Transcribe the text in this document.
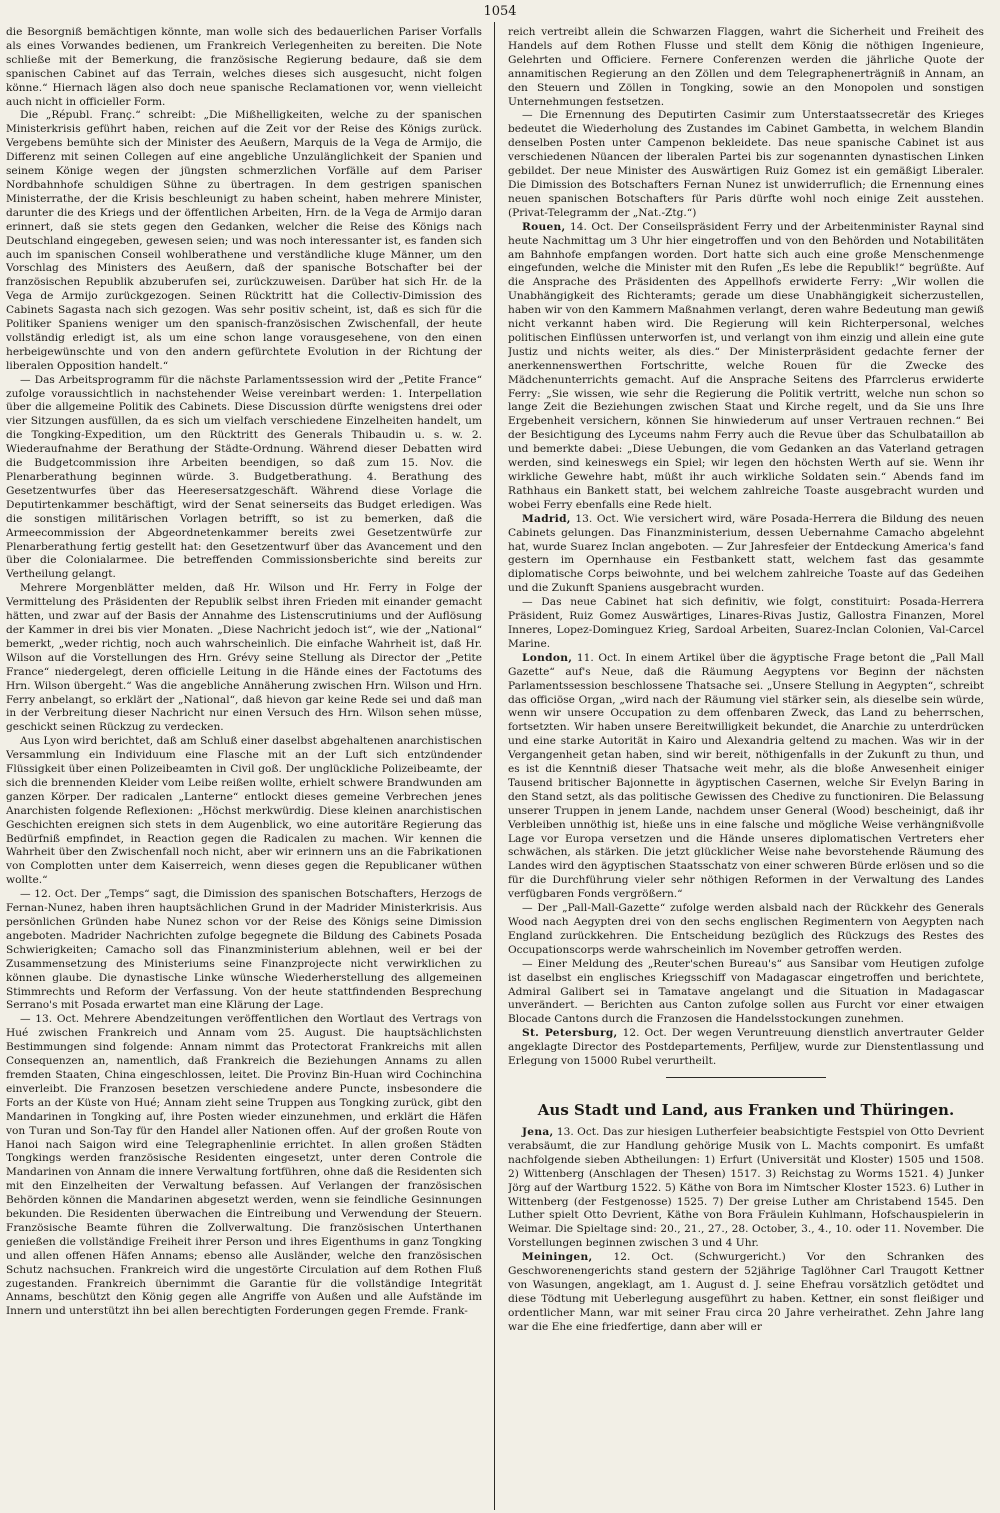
1054

die Besorgniß bemächtigen könnte, man wolle sich des bedauerlichen Pariser Vorfalls als eines Vorwandes bedienen, um Frankreich Verlegenheiten zu bereiten. Die Note schließe mit der Bemerkung, die französische Regierung bedaure, daß sie dem spanischen Cabinet auf das Terrain, welches dieses sich ausgesucht, nicht folgen könne.“ Hiernach lägen also doch neue spanische Reclamationen vor, wenn vielleicht auch nicht in officieller Form.

Die „Républ. Franç.“ schreibt: „Die Mißhelligkeiten, welche zu der spanischen Ministerkrisis geführt haben, reichen auf die Zeit vor der Reise des Königs zurück. Vergebens bemühte sich der Minister des Aeußern, Marquis de la Vega de Armijo, die Differenz mit seinen Collegen auf eine angebliche Unzulänglichkeit der Spanien und seinem Könige wegen der jüngsten schmerzlichen Vorfälle auf dem Pariser Nordbahnhofe schuldigen Sühne zu übertragen. In dem gestrigen spanischen Ministerrathe, der die Krisis beschleunigt zu haben scheint, haben mehrere Minister, darunter die des Kriegs und der öffentlichen Arbeiten, Hrn. de la Vega de Armijo daran erinnert, daß sie stets gegen den Gedanken, welcher die Reise des Königs nach Deutschland eingegeben, gewesen seien; und was noch interessanter ist, es fanden sich auch im spanischen Conseil wohlberathene und verständliche kluge Männer, um den Vorschlag des Ministers des Aeußern, daß der spanische Botschafter bei der französischen Republik abzuberufen sei, zurückzuweisen. Darüber hat sich Hr. de la Vega de Armijo zurückgezogen. Seinen Rücktritt hat die Collectiv-Dimission des Cabinets Sagasta nach sich gezogen. Was sehr positiv scheint, ist, daß es sich für die Politiker Spaniens weniger um den spanisch-französischen Zwischenfall, der heute vollständig erledigt ist, als um eine schon lange vorausgesehene, von den einen herbeigewünschte und von den andern gefürchtete Evolution in der Richtung der liberalen Opposition handelt.“

— Das Arbeitsprogramm für die nächste Parlamentssession wird der „Petite France“ zufolge voraussichtlich in nachstehender Weise vereinbart werden: 1. Interpellation über die allgemeine Politik des Cabinets. Diese Discussion dürfte wenigstens drei oder vier Sitzungen ausfüllen, da es sich um vielfach verschiedene Einzelheiten handelt, um die Tongking-Expedition, um den Rücktritt des Generals Thibaudin u. s. w. 2. Wiederaufnahme der Berathung der Städte-Ordnung. Während dieser Debatten wird die Budgetcommission ihre Arbeiten beendigen, so daß zum 15. Nov. die Plenarberathung beginnen würde. 3. Budgetberathung. 4. Berathung des Gesetzentwurfes über das Heeresersatzgeschäft. Während diese Vorlage die Deputirtenkammer beschäftigt, wird der Senat seinerseits das Budget erledigen. Was die sonstigen militärischen Vorlagen betrifft, so ist zu bemerken, daß die Armeecommission der Abgeordnetenkammer bereits zwei Gesetzentwürfe zur Plenarberathung fertig gestellt hat: den Gesetzentwurf über das Avancement und den über die Colonialarmee. Die betreffenden Commissionsberichte sind bereits zur Vertheilung gelangt.

Mehrere Morgenblätter melden, daß Hr. Wilson und Hr. Ferry in Folge der Vermittelung des Präsidenten der Republik selbst ihren Frieden mit einander gemacht hätten, und zwar auf der Basis der Annahme des Listenscrutiniums und der Auflösung der Kammer in drei bis vier Monaten. „Diese Nachricht jedoch ist“, wie der „National“ bemerkt, „weder richtig, noch auch wahrscheinlich. Die einfache Wahrheit ist, daß Hr. Wilson auf die Vorstellungen des Hrn. Grévy seine Stellung als Director der „Petite France“ niedergelegt, deren officielle Leitung in die Hände eines der Factotums des Hrn. Wilson übergeht.“ Was die angebliche Annäherung zwischen Hrn. Wilson und Hrn. Ferry anbelangt, so erklärt der „National“, daß hievon gar keine Rede sei und daß man in der Verbreitung dieser Nachricht nur einen Versuch des Hrn. Wilson sehen müsse, geschickt seinen Rückzug zu verdecken.

Aus Lyon wird berichtet, daß am Schluß einer daselbst abgehaltenen anarchistischen Versammlung ein Individuum eine Flasche mit an der Luft sich entzündender Flüssigkeit über einen Polizeibeamten in Civil goß. Der unglückliche Polizeibeamte, der sich die brennenden Kleider vom Leibe reißen wollte, erhielt schwere Brandwunden am ganzen Körper. Der radicalen „Lanterne“ entlockt dieses gemeine Verbrechen jenes Anarchisten folgende Reflexionen: „Höchst merkwürdig. Diese kleinen anarchistischen Geschichten ereignen sich stets in dem Augenblick, wo eine autoritäre Regierung das Bedürfniß empfindet, in Reaction gegen die Radicalen zu machen. Wir kennen die Wahrheit über den Zwischenfall noch nicht, aber wir erinnern uns an die Fabrikationen von Complotten unter dem Kaiserreich, wenn dieses gegen die Republicaner wüthen wollte.“

— 12. Oct. Der „Temps“ sagt, die Dimission des spanischen Botschafters, Herzogs de Fernan-Nunez, haben ihren hauptsächlichen Grund in der Madrider Ministerkrisis. Aus persönlichen Gründen habe Nunez schon vor der Reise des Königs seine Dimission angeboten. Madrider Nachrichten zufolge begegnete die Bildung des Cabinets Posada Schwierigkeiten; Camacho soll das Finanzministerium ablehnen, weil er bei der Zusammensetzung des Ministeriums seine Finanzprojecte nicht verwirklichen zu können glaube. Die dynastische Linke wünsche Wiederherstellung des allgemeinen Stimmrechts und Reform der Verfassung. Von der heute stattfindenden Besprechung Serrano's mit Posada erwartet man eine Klärung der Lage.

— 13. Oct. Mehrere Abendzeitungen veröffentlichen den Wortlaut des Vertrags von Hué zwischen Frankreich und Annam vom 25. August. Die hauptsächlichsten Bestimmungen sind folgende: Annam nimmt das Protectorat Frankreichs mit allen Consequenzen an, namentlich, daß Frankreich die Beziehungen Annams zu allen fremden Staaten, China eingeschlossen, leitet. Die Provinz Bin-Huan wird Cochinchina einverleibt. Die Franzosen besetzen verschiedene andere Puncte, insbesondere die Forts an der Küste von Hué; Annam zieht seine Truppen aus Tongking zurück, gibt den Mandarinen in Tongking auf, ihre Posten wieder einzunehmen, und erklärt die Häfen von Turan und Son-Tay für den Handel aller Nationen offen. Auf der großen Route von Hanoi nach Saigon wird eine Telegraphenlinie errichtet. In allen großen Städten Tongkings werden französische Residenten eingesetzt, unter deren Controle die Mandarinen von Annam die innere Verwaltung fortführen, ohne daß die Residenten sich mit den Einzelheiten der Verwaltung befassen. Auf Verlangen der französischen Behörden können die Mandarinen abgesetzt werden, wenn sie feindliche Gesinnungen bekunden. Die Residenten überwachen die Eintreibung und Verwendung der Steuern. Französische Beamte führen die Zollverwaltung. Die französischen Unterthanen genießen die vollständige Freiheit ihrer Person und ihres Eigenthums in ganz Tongking und allen offenen Häfen Annams; ebenso alle Ausländer, welche den französischen Schutz nachsuchen. Frankreich wird die ungestörte Circulation auf dem Rothen Fluß zugestanden. Frankreich übernimmt die Garantie für die vollständige Integrität Annams, beschützt den König gegen alle Angriffe von Außen und alle Aufstände im Innern und unterstützt ihn bei allen berechtigten Forderungen gegen Fremde. Frank-

reich vertreibt allein die Schwarzen Flaggen, wahrt die Sicherheit und Freiheit des Handels auf dem Rothen Flusse und stellt dem König die nöthigen Ingenieure, Gelehrten und Officiere. Fernere Conferenzen werden die jährliche Quote der annamitischen Regierung an den Zöllen und dem Telegraphenerträgniß in Annam, an den Steuern und Zöllen in Tongking, sowie an den Monopolen und sonstigen Unternehmungen festsetzen.

— Die Ernennung des Deputirten Casimir zum Unterstaatssecretär des Krieges bedeutet die Wiederholung des Zustandes im Cabinet Gambetta, in welchem Blandin denselben Posten unter Campenon bekleidete. Das neue spanische Cabinet ist aus verschiedenen Nüancen der liberalen Partei bis zur sogenannten dynastischen Linken gebildet. Der neue Minister des Auswärtigen Ruiz Gomez ist ein gemäßigt Liberaler. Die Dimission des Botschafters Fernan Nunez ist unwiderruflich; die Ernennung eines neuen spanischen Botschafters für Paris dürfte wohl noch einige Zeit ausstehen. (Privat-Telegramm der „Nat.-Ztg.“)

Rouen, 14. Oct. Der Conseilspräsident Ferry und der Arbeitenminister Raynal sind heute Nachmittag um 3 Uhr hier eingetroffen und von den Behörden und Notabilitäten am Bahnhofe empfangen worden. Dort hatte sich auch eine große Menschenmenge eingefunden, welche die Minister mit den Rufen „Es lebe die Republik!“ begrüßte. Auf die Ansprache des Präsidenten des Appellhofs erwiderte Ferry: „Wir wollen die Unabhängigkeit des Richteramts; gerade um diese Unabhängigkeit sicherzustellen, haben wir von den Kammern Maßnahmen verlangt, deren wahre Bedeutung man gewiß nicht verkannt haben wird. Die Regierung will kein Richterpersonal, welches politischen Einflüssen unterworfen ist, und verlangt von ihm einzig und allein eine gute Justiz und nichts weiter, als dies.“ Der Ministerpräsident gedachte ferner der anerkennenswerthen Fortschritte, welche Rouen für die Zwecke des Mädchenunterrichts gemacht. Auf die Ansprache Seitens des Pfarrclerus erwiderte Ferry: „Sie wissen, wie sehr die Regierung die Politik vertritt, welche nun schon so lange Zeit die Beziehungen zwischen Staat und Kirche regelt, und da Sie uns Ihre Ergebenheit versichern, können Sie hinwiederum auf unser Vertrauen rechnen.“ Bei der Besichtigung des Lyceums nahm Ferry auch die Revue über das Schulbataillon ab und bemerkte dabei: „Diese Uebungen, die vom Gedanken an das Vaterland getragen werden, sind keineswegs ein Spiel; wir legen den höchsten Werth auf sie. Wenn ihr wirkliche Gewehre habt, müßt ihr auch wirkliche Soldaten sein.“ Abends fand im Rathhaus ein Bankett statt, bei welchem zahlreiche Toaste ausgebracht wurden und wobei Ferry ebenfalls eine Rede hielt.

Madrid, 13. Oct. Wie versichert wird, wäre Posada-Herrera die Bildung des neuen Cabinets gelungen. Das Finanzministerium, dessen Uebernahme Camacho abgelehnt hat, wurde Suarez Inclan angeboten. — Zur Jahresfeier der Entdeckung America's fand gestern im Opernhause ein Festbankett statt, welchem fast das gesammte diplomatische Corps beiwohnte, und bei welchem zahlreiche Toaste auf das Gedeihen und die Zukunft Spaniens ausgebracht wurden.

— Das neue Cabinet hat sich definitiv, wie folgt, constituirt: Posada-Herrera Präsident, Ruiz Gomez Auswärtiges, Linares-Rivas Justiz, Gallostra Finanzen, Morel Inneres, Lopez-Dominguez Krieg, Sardoal Arbeiten, Suarez-Inclan Colonien, Val-Carcel Marine.

London, 11. Oct. In einem Artikel über die ägyptische Frage betont die „Pall Mall Gazette“ auf's Neue, daß die Räumung Aegyptens vor Beginn der nächsten Parlamentssession beschlossene Thatsache sei. „Unsere Stellung in Aegypten“, schreibt das officiöse Organ, „wird nach der Räumung viel stärker sein, als dieselbe sein würde, wenn wir unsere Occupation zu dem offenbaren Zweck, das Land zu beherrschen, fortsetzten. Wir haben unsere Bereitwilligkeit bekundet, die Anarchie zu unterdrücken und eine starke Autorität in Kairo und Alexandria geltend zu machen. Was wir in der Vergangenheit getan haben, sind wir bereit, nöthigenfalls in der Zukunft zu thun, und es ist die Kenntniß dieser Thatsache weit mehr, als die bloße Anwesenheit einiger Tausend britischer Bajonnette in ägyptischen Casernen, welche Sir Evelyn Baring in den Stand setzt, als das politische Gewissen des Chedive zu functioniren. Die Belassung unserer Truppen in jenem Lande, nachdem unser General (Wood) bescheinigt, daß ihr Verbleiben unnöthig ist, hieße uns in eine falsche und mögliche Weise verhängnißvolle Lage vor Europa versetzen und die Hände unseres diplomatischen Vertreters eher schwächen, als stärken. Die jetzt glücklicher Weise nahe bevorstehende Räumung des Landes wird den ägyptischen Staatsschatz von einer schweren Bürde erlösen und so die für die Durchführung vieler sehr nöthigen Reformen in der Verwaltung des Landes verfügbaren Fonds vergrößern.“

— Der „Pall-Mall-Gazette“ zufolge werden alsbald nach der Rückkehr des Generals Wood nach Aegypten drei von den sechs englischen Regimentern von Aegypten nach England zurückkehren. Die Entscheidung bezüglich des Rückzugs des Restes des Occupationscorps werde wahrscheinlich im November getroffen werden.

— Einer Meldung des „Reuter'schen Bureau's“ aus Sansibar vom Heutigen zufolge ist daselbst ein englisches Kriegsschiff von Madagascar eingetroffen und berichtete, Admiral Galibert sei in Tamatave angelangt und die Situation in Madagascar unverändert. — Berichten aus Canton zufolge sollen aus Furcht vor einer etwaigen Blocade Cantons durch die Franzosen die Handelsstockungen zunehmen.

St. Petersburg, 12. Oct. Der wegen Veruntreuung dienstlich anvertrauter Gelder angeklagte Director des Postdepartements, Perfiljew, wurde zur Dienstentlassung und Erlegung von 15000 Rubel verurtheilt.

Aus Stadt und Land, aus Franken und Thüringen.

Jena, 13. Oct. Das zur hiesigen Lutherfeier beabsichtigte Festspiel von Otto Devrient verabsäumt, die zur Handlung gehörige Musik von L. Machts componirt. Es umfaßt nachfolgende sieben Abtheilungen: 1) Erfurt (Universität und Kloster) 1505 und 1508. 2) Wittenberg (Anschlagen der Thesen) 1517. 3) Reichstag zu Worms 1521. 4) Junker Jörg auf der Wartburg 1522. 5) Käthe von Bora im Nimtscher Kloster 1523. 6) Luther in Wittenberg (der Festgenosse) 1525. 7) Der greise Luther am Christabend 1545. Den Luther spielt Otto Devrient, Käthe von Bora Fräulein Kuhlmann, Hofschauspielerin in Weimar. Die Spieltage sind: 20., 21., 27., 28. October, 3., 4., 10. oder 11. November. Die Vorstellungen beginnen zwischen 3 und 4 Uhr.

Meiningen, 12. Oct. (Schwurgericht.) Vor den Schranken des Geschworenengerichts stand gestern der 52jährige Taglöhner Carl Traugott Kettner von Wasungen, angeklagt, am 1. August d. J. seine Ehefrau vorsätzlich getödtet und diese Tödtung mit Ueberlegung ausgeführt zu haben. Kettner, ein sonst fleißiger und ordentlicher Mann, war mit seiner Frau circa 20 Jahre verheirathet. Zehn Jahre lang war die Ehe eine friedfertige, dann aber will er
